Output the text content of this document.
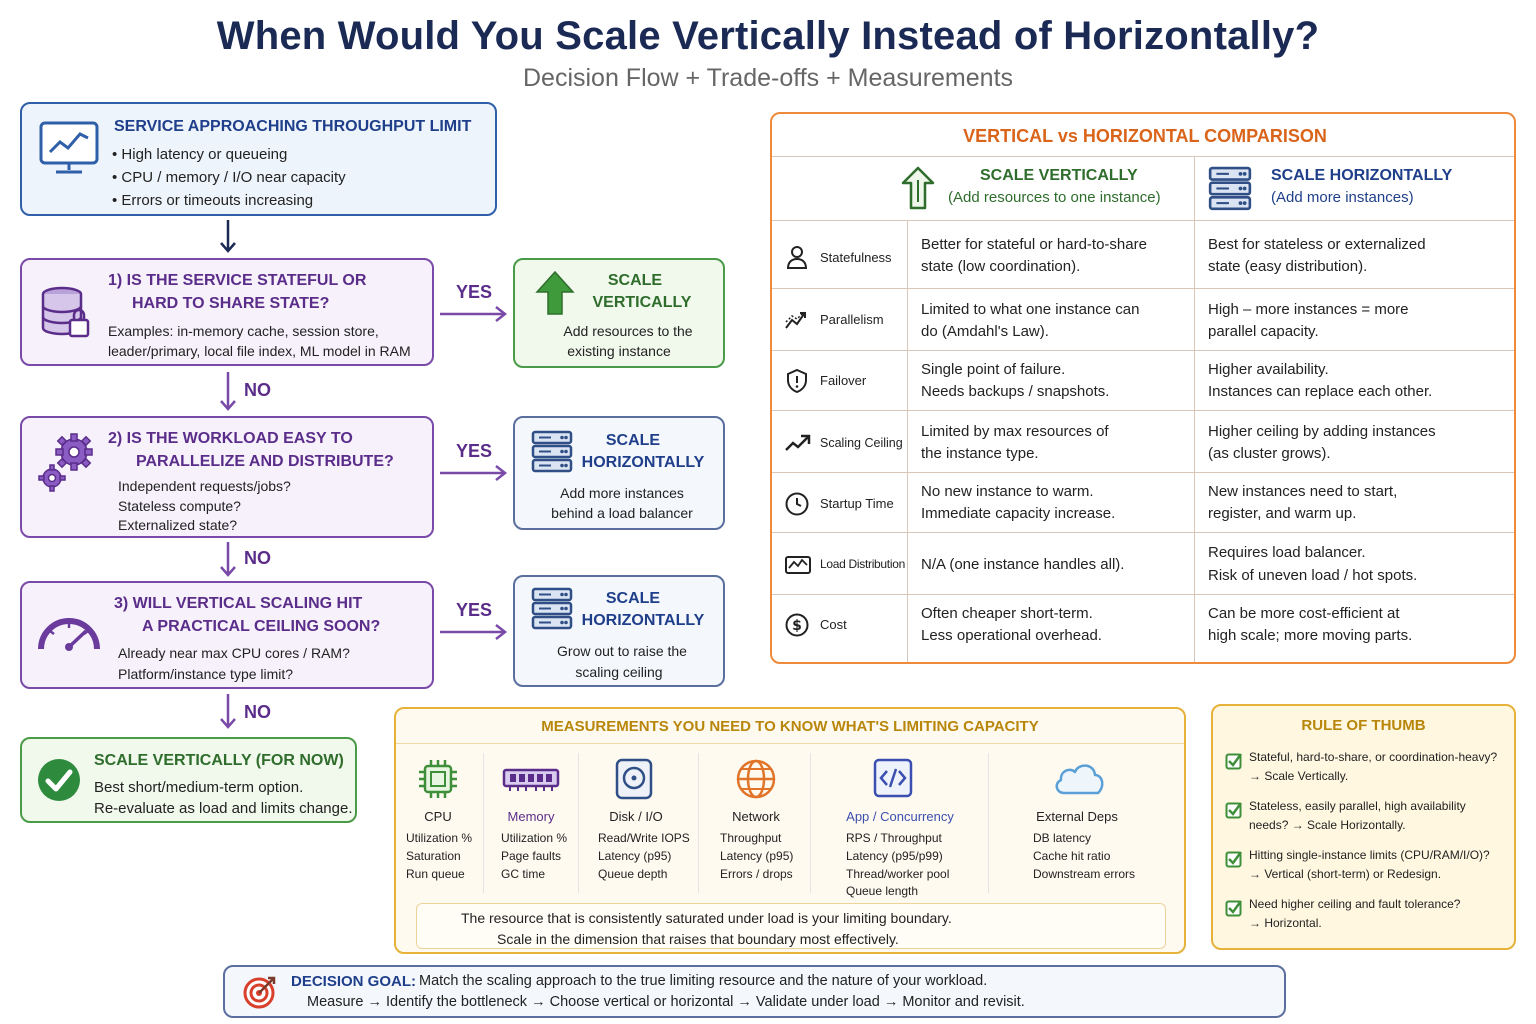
When Would You Scale Vertically Instead of Horizontally?
Decision Flow + Trade-offs + Measurements
SERVICE APPROACHING THROUGHPUT LIMIT
• High latency or queueing
• CPU / memory / I/O near capacity
• Errors or timeouts increasing
1) IS THE SERVICE STATEFUL OR
HARD TO SHARE STATE?
Examples: in-memory cache, session store,
leader/primary, local file index, ML model in RAM
YES
SCALE
VERTICALLY
Add resources to the
existing instance
NO
2) IS THE WORKLOAD EASY TO
PARALLELIZE AND DISTRIBUTE?
Independent requests/jobs?
Stateless compute?
Externalized state?
YES
SCALE
HORIZONTALLY
Add more instances
behind a load balancer
NO
3) WILL VERTICAL SCALING HIT
A PRACTICAL CEILING SOON?
Already near max CPU cores / RAM?
Platform/instance type limit?
YES
SCALE
HORIZONTALLY
Grow out to raise the
scaling ceiling
NO
SCALE VERTICALLY (FOR NOW)
Best short/medium-term option.
Re-evaluate as load and limits change.
VERTICAL vs HORIZONTAL COMPARISON
SCALE VERTICALLY
(Add resources to one instance)
SCALE HORIZONTALLY
(Add more instances)
Statefulness
Better for stateful or hard-to-share
state (low coordination).
Best for stateless or externalized
state (easy distribution).
Parallelism
Limited to what one instance can
do (Amdahl's Law).
High – more instances = more
parallel capacity.
Failover
Single point of failure.
Needs backups / snapshots.
Higher availability.
Instances can replace each other.
Scaling Ceiling
Limited by max resources of
the instance type.
Higher ceiling by adding instances
(as cluster grows).
Startup Time
No new instance to warm.
Immediate capacity increase.
New instances need to start,
register, and warm up.
Load Distribution N/A (one instance handles all).
Requires load balancer.
Risk of uneven load / hot spots.
$ Cost
Often cheaper short-term.
Less operational overhead.
Can be more cost-efficient at
high scale; more moving parts.
MEASUREMENTS YOU NEED TO KNOW WHAT'S LIMITING CAPACITY
CPU
Utilization %
Saturation
Run queue
Memory
Utilization %
Page faults
GC time
Disk / I/O
Read/Write IOPS
Latency (p95)
Queue depth
Network
Throughput
Latency (p95)
Errors / drops
App / Concurrency
RPS / Throughput
Latency (p95/p99)
Thread/worker pool
Queue length
External Deps
DB latency
Cache hit ratio
Downstream errors
The resource that is consistently saturated under load is your limiting boundary.
Scale in the dimension that raises that boundary most effectively.
RULE OF THUMB
Stateful, hard-to-share, or coordination-heavy?
→ Scale Vertically.
Stateless, easily parallel, high availability
needs? → Scale Horizontally.
Hitting single-instance limits (CPU/RAM/I/O)?
→ Vertical (short-term) or Redesign.
Need higher ceiling and fault tolerance?
→ Horizontal.
DECISION GOAL: Match the scaling approach to the true limiting resource and the nature of your workload.
Measure → Identify the bottleneck → Choose vertical or horizontal → Validate under load → Monitor and revisit.
